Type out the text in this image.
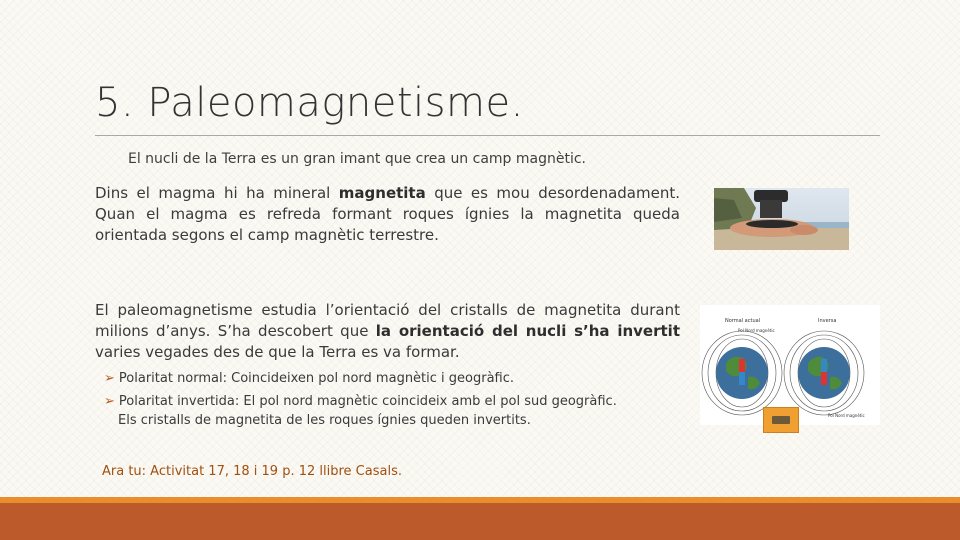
5. Paleomagnetisme.
El nucli de la Terra es un gran imant que crea un camp magnètic.
Dins el magma hi ha mineral magnetita que es mou desordenadament. Quan el magma es refreda formant roques ígnies la magnetita queda orientada segons el camp magnètic terrestre.
El paleomagnetisme estudia l’orientació del cristalls de magnetita durant milions d’anys. S’ha descobert que la orientació del nucli s’ha invertit varies vegades des de que la Terra es va formar.
➢ Polaritat normal: Coincideixen pol nord magnètic i geogràfic.
➢ Polaritat invertida: El pol nord magnètic coincideix amb el pol sud geogràfic.
Els cristalls de magnetita de les roques ígnies queden invertits.
Normal actual	Inversa
Pol Nord magnètic
Pol Nord magnètic
Ara tu: Activitat 17, 18 i 19 p. 12 llibre Casals.
